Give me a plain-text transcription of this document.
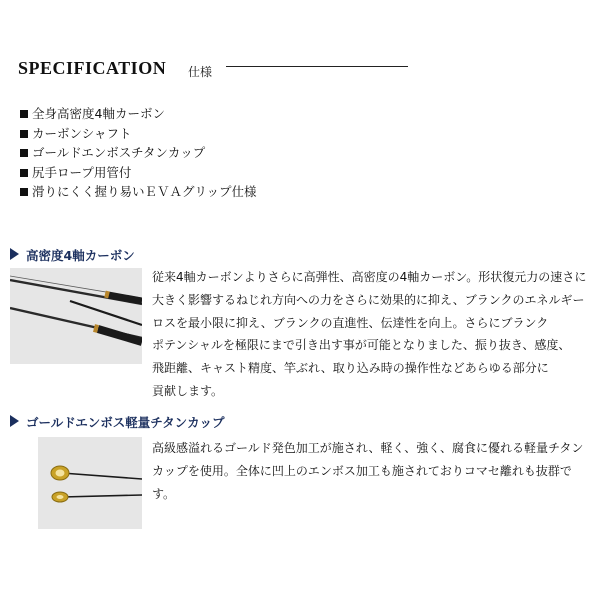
SPECIFICATION 仕様
全身高密度4軸カーボン
カーボンシャフト
ゴールドエンボスチタンカップ
尻手ロープ用管付
滑りにくく握り易いＥＶＡグリップ仕様
高密度4軸カーボン
従来4軸カーボンよりさらに高弾性、高密度の4軸カーボン。形状復元力の速さに
大きく影響するねじれ方向への力をさらに効果的に抑え、ブランクのエネルギー
ロスを最小限に抑え、ブランクの直進性、伝達性を向上。さらにブランク
ポテンシャルを極限にまで引き出す事が可能となりました、振り抜き、感度、
飛距離、キャスト精度、竿ぶれ、取り込み時の操作性などあらゆる部分に
貢献します。
ゴールドエンボス軽量チタンカップ
高級感溢れるゴールド発色加工が施され、軽く、強く、腐食に優れる軽量チタン
カップを使用。全体に凹上のエンボス加工も施されておりコマセ離れも抜群です。
